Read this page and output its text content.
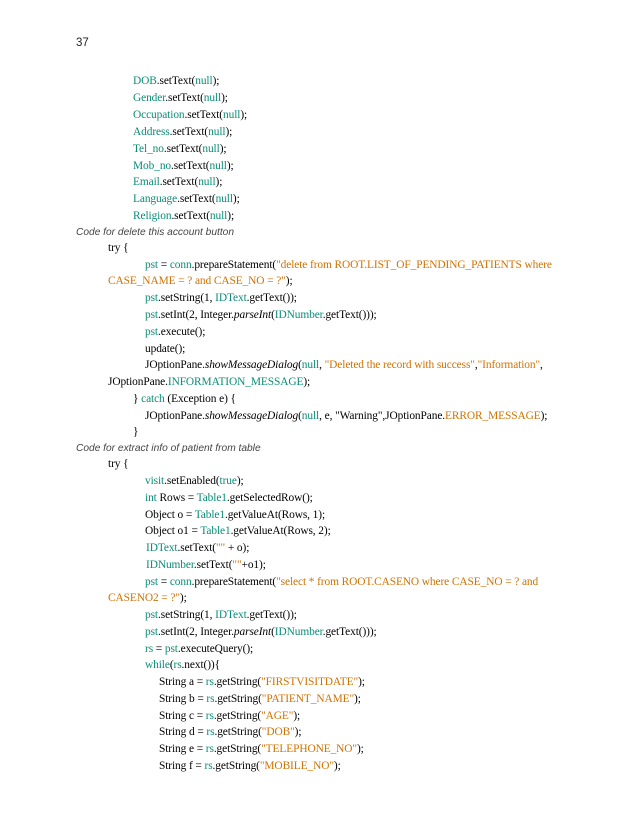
37
DOB.setText(null);
Gender.setText(null);
Occupation.setText(null);
Address.setText(null);
Tel_no.setText(null);
Mob_no.setText(null);
Email.setText(null);
Language.setText(null);
Religion.setText(null);
Code for delete this account button
try {
pst = conn.prepareStatement("delete from ROOT.LIST_OF_PENDING_PATIENTS where
CASE_NAME = ? and CASE_NO = ?");
pst.setString(1, IDText.getText());
pst.setInt(2, Integer.parseInt(IDNumber.getText()));
pst.execute();
update();
JOptionPane.showMessageDialog(null, "Deleted the record with success","Information",
JOptionPane.INFORMATION_MESSAGE);
} catch (Exception e) {
JOptionPane.showMessageDialog(null, e, "Warning",JOptionPane.ERROR_MESSAGE);
}
Code for extract info of patient from table
try {
visit.setEnabled(true);
int Rows = Table1.getSelectedRow();
Object o = Table1.getValueAt(Rows, 1);
Object o1 = Table1.getValueAt(Rows, 2);
IDText.setText("" + o);
IDNumber.setText(""+o1);
pst = conn.prepareStatement("select * from ROOT.CASENO where CASE_NO = ? and
CASENO2 = ?");
pst.setString(1, IDText.getText());
pst.setInt(2, Integer.parseInt(IDNumber.getText()));
rs = pst.executeQuery();
while(rs.next()){
String a = rs.getString("FIRSTVISITDATE");
String b = rs.getString("PATIENT_NAME");
String c = rs.getString("AGE");
String d = rs.getString("DOB");
String e = rs.getString("TELEPHONE_NO");
String f = rs.getString("MOBILE_NO");
